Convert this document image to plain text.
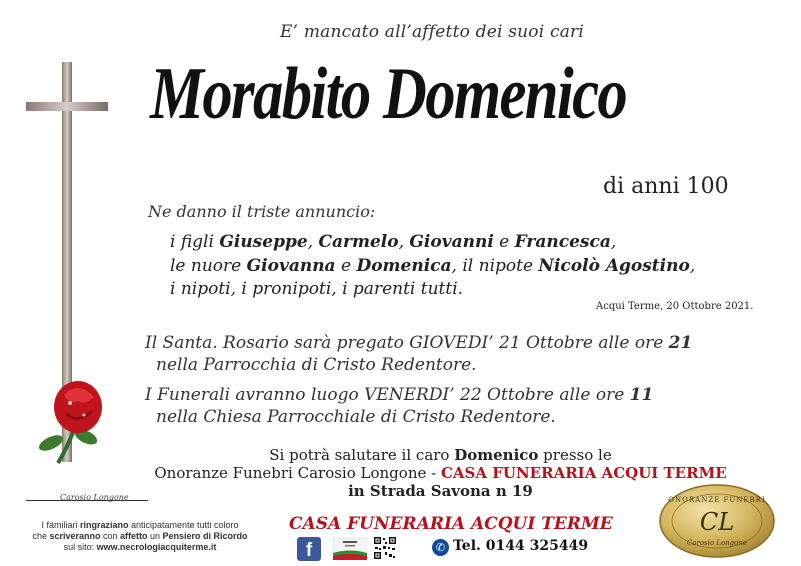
E’ mancato all’affetto dei suoi cari
Morabito Domenico
di anni 100
Ne danno il triste annuncio:
i figli Giuseppe, Carmelo, Giovanni e Francesca,
le nuore Giovanna e Domenica, il nipote Nicolò Agostino,
i nipoti, i pronipoti, i parenti tutti.
Acqui Terme, 20 Ottobre 2021.
Il Santa. Rosario sarà pregato GIOVEDI’ 21 Ottobre alle ore 21
nella Parrocchia di Cristo Redentore.
I Funerali avranno luogo VENERDI’ 22 Ottobre alle ore 11
nella Chiesa Parrocchiale di Cristo Redentore.
Si potrà salutare il caro Domenico presso le
Onoranze Funebri Carosio Longone - CASA FUNERARIA ACQUI TERME
in Strada Savona n 19
Carosio Longone
I familiari ringraziano anticipatamente tutti coloro
che scriveranno con affetto un Pensiero di Ricordo
sul sito: www.necrologiacquiterme.it
CASA FUNERARIA ACQUI TERME
f	✆ Tel. 0144 325449
ONORANZE FUNEBRI
CL
Carosio Longone
